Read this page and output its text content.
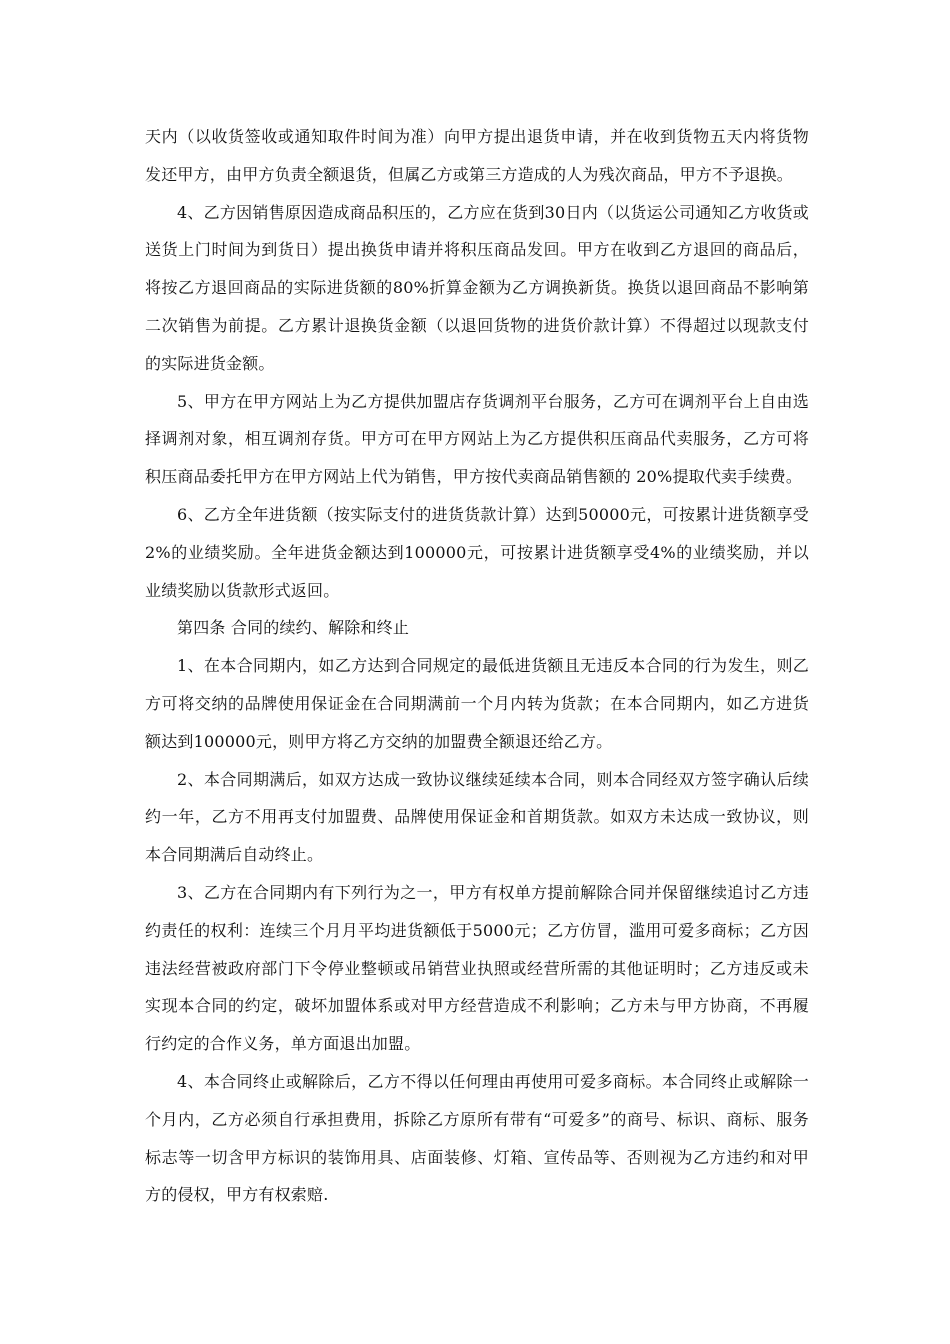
天内（以收货签收或通知取件时间为准）向甲方提出退货申请，并在收到货物五天内将货物发还甲方，由甲方负责全额退货，但属乙方或第三方造成的人为残次商品，甲方不予退换。

4、乙方因销售原因造成商品积压的，乙方应在货到30日内（以货运公司通知乙方收货或送货上门时间为到货日）提出换货申请并将积压商品发回。甲方在收到乙方退回的商品后，将按乙方退回商品的实际进货额的80%折算金额为乙方调换新货。换货以退回商品不影响第二次销售为前提。乙方累计退换货金额（以退回货物的进货价款计算）不得超过以现款支付的实际进货金额。

5、甲方在甲方网站上为乙方提供加盟店存货调剂平台服务，乙方可在调剂平台上自由选择调剂对象，相互调剂存货。甲方可在甲方网站上为乙方提供积压商品代卖服务，乙方可将积压商品委托甲方在甲方网站上代为销售，甲方按代卖商品销售额的 20%提取代卖手续费。

6、乙方全年进货额（按实际支付的进货货款计算）达到50000元，可按累计进货额享受2%的业绩奖励。全年进货金额达到100000元，可按累计进货额享受4%的业绩奖励，并以业绩奖励以货款形式返回。

第四条 合同的续约、解除和终止

1、在本合同期内，如乙方达到合同规定的最低进货额且无违反本合同的行为发生，则乙方可将交纳的品牌使用保证金在合同期满前一个月内转为货款；在本合同期内，如乙方进货额达到100000元，则甲方将乙方交纳的加盟费全额退还给乙方。

2、本合同期满后，如双方达成一致协议继续延续本合同，则本合同经双方签字确认后续约一年，乙方不用再支付加盟费、品牌使用保证金和首期货款。如双方未达成一致协议，则本合同期满后自动终止。

3、乙方在合同期内有下列行为之一，甲方有权单方提前解除合同并保留继续追讨乙方违约责任的权利：连续三个月月平均进货额低于5000元；乙方仿冒，滥用可爱多商标；乙方因违法经营被政府部门下令停业整顿或吊销营业执照或经营所需的其他证明时；乙方违反或未实现本合同的约定，破坏加盟体系或对甲方经营造成不利影响；乙方未与甲方协商，不再履行约定的合作义务，单方面退出加盟。

4、本合同终止或解除后，乙方不得以任何理由再使用可爱多商标。本合同终止或解除一个月内，乙方必须自行承担费用，拆除乙方原所有带有“可爱多”的商号、标识、商标、服务标志等一切含甲方标识的装饰用具、店面装修、灯箱、宣传品等、否则视为乙方违约和对甲方的侵权，甲方有权索赔.
